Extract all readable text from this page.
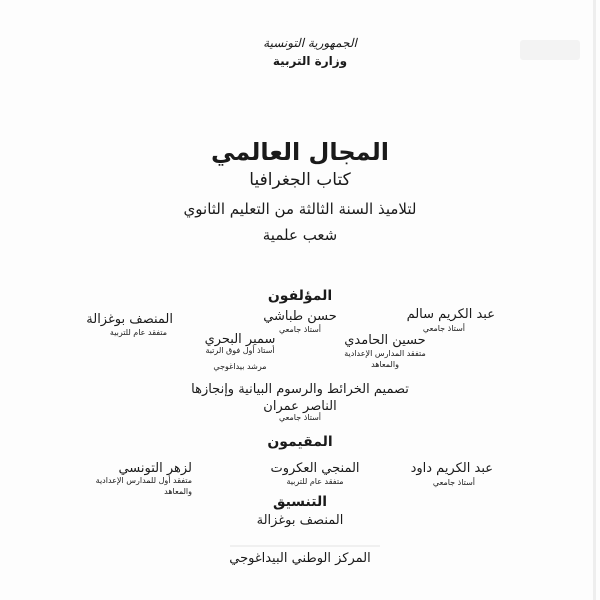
الجمهورية التونسية
وزارة التربية
المجال العالمي
كتاب الجغرافيا
لتلاميذ السنة الثالثة من التعليم الثانوي
شعب علمية
المؤلفون
عبد الكريم سالم
أستاذ جامعي
حسن طباشي
أستاذ جامعي
المنصف بوغزالة
متفقد عام للتربية
حسين الحامدي
متفقد المدارس الإعدادية
والمعاهد
سمير البحري
أستاذ أول فوق الرتبة
مرشد بيداغوجي
تصميم الخرائط والرسوم البيانية وإنجازها
الناصر عمران
أستاذ جامعي
المقيمون
عبد الكريم داود
أستاذ جامعي
المنجي العكروت
متفقد عام للتربية
لزهر التونسي
متفقد أول للمدارس الإعدادية
والمعاهد
التنسيق
المنصف بوغزالة
المركز الوطني البيداغوجي
